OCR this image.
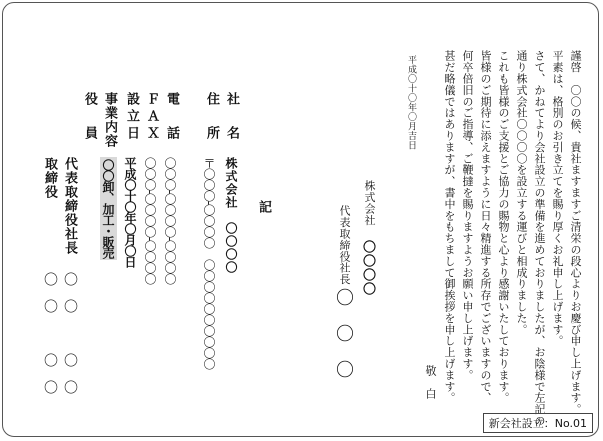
謹啓　〇〇の候、貴社ますますご清栄の段心よりお慶び申し上げます。
平素は、格別のお引き立てを賜り厚くお礼申し上げます。
さて、かねてより会社設立の準備を進めておりましたが、お陰様で左記の
通り株式会社〇〇〇〇を設立する運びと相成りました。
これも皆様のご支援とご協力の賜物と心より感謝いたしております。
皆様のご期待に添えますように日々精進する所存でございますので、
何卒倍旧のご指導、ご鞭撻を賜りますようお願い申し上げます。
甚だ略儀ではありますが、書中をもちまして御挨拶を申し上げます。
敬白
平成〇十〇年〇月吉日
株式会社
〇〇〇〇
代表取締役社長
〇〇〇
記
社　名
住　所
電　話
ＦＡＸ
設立日
事業内容
株式会社　〇〇〇〇
〒〇〇〇-〇〇〇〇　〇〇〇〇〇〇〇〇〇〇
〇〇〇-〇〇〇〇-〇〇〇〇
〇〇〇-〇〇〇〇-〇〇〇〇
平成〇十〇年〇月〇日
〇〇卸、加工・販売
役　員
代表取締役社長
〇〇　〇〇
取締役
〇〇　〇〇
新会社設立：No.01
